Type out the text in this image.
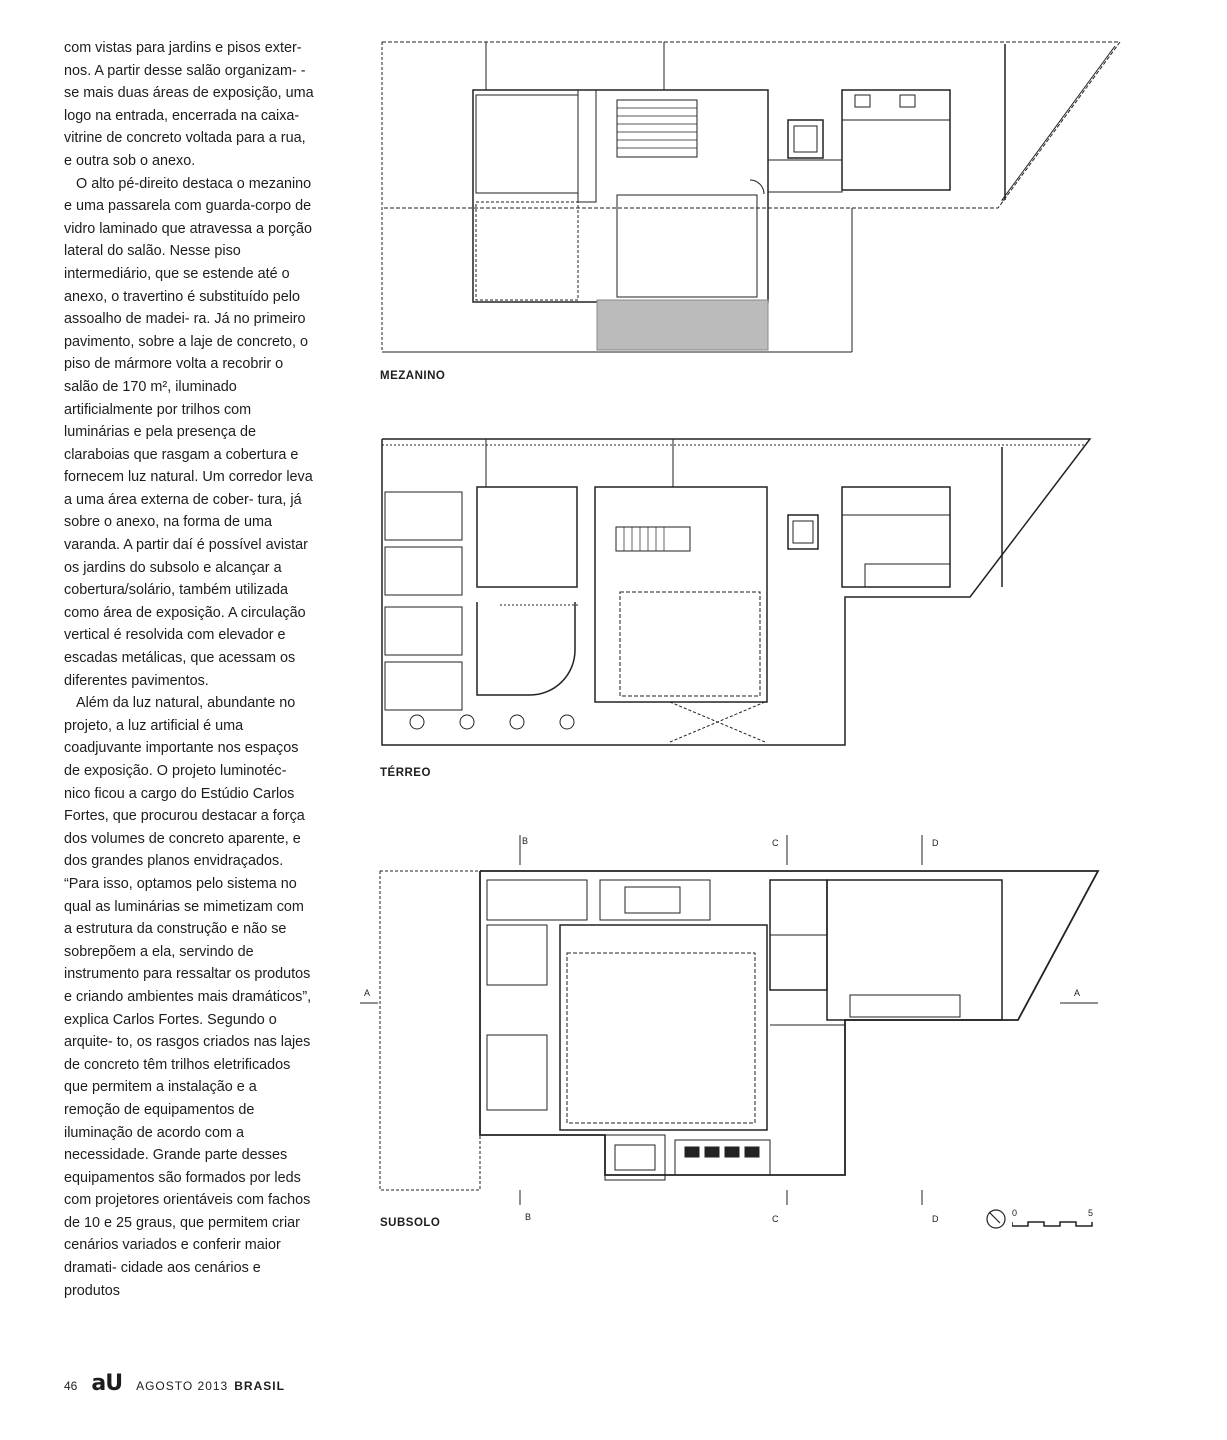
com vistas para jardins e pisos exter- nos. A partir desse salão organizam- -se mais duas áreas de exposição, uma logo na entrada, encerrada na caixa-vitrine de concreto voltada para a rua, e outra sob o anexo.

O alto pé-direito destaca o mezanino e uma passarela com guarda-corpo de vidro laminado que atravessa a porção lateral do salão. Nesse piso intermediário, que se estende até o anexo, o travertino é substituído pelo assoalho de madei- ra. Já no primeiro pavimento, sobre a laje de concreto, o piso de mármore volta a recobrir o salão de 170 m², iluminado artificialmente por trilhos com luminárias e pela presença de claraboias que rasgam a cobertura e fornecem luz natural. Um corredor leva a uma área externa de cober- tura, já sobre o anexo, na forma de uma varanda. A partir daí é possível avistar os jardins do subsolo e alcançar a cobertura/solário, também utilizada como área de exposição. A circulação vertical é resolvida com elevador e escadas metálicas, que acessam os diferentes pavimentos.

Além da luz natural, abundante no projeto, a luz artificial é uma coadjuvante importante nos espaços de exposição. O projeto luminotéc- nico ficou a cargo do Estúdio Carlos Fortes, que procurou destacar a força dos volumes de concreto aparente, e dos grandes planos envidraçados. “Para isso, optamos pelo sistema no qual as luminárias se mimetizam com a estrutura da construção e não se sobrepõem a ela, servindo de instrumento para ressaltar os produtos e criando ambientes mais dramáticos”, explica Carlos Fortes. Segundo o arquite- to, os rasgos criados nas lajes de concreto têm trilhos eletrificados que permitem a instalação e a remoção de equipamentos de iluminação de acordo com a necessidade. Grande parte desses equipamentos são formados por leds com projetores orientáveis com fachos de 10 e 25 graus, que permitem criar cenários variados e conferir maior dramati- cidade aos cenários e produtos

MEZANINO
TÉRREO
B	C	D
A	A
B	C	D
SUBSOLO
0	5
46 aU AGOSTO 2013 BRASIL
